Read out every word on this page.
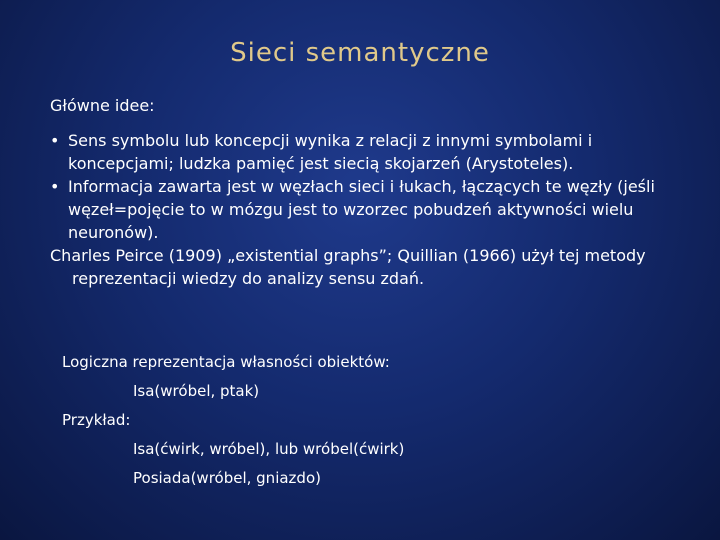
Sieci semantyczne
Główne idee:
• Sens symbolu lub koncepcji wynika z relacji z innymi symbolami i koncepcjami; ludzka pamięć jest siecią skojarzeń (Arystoteles).
• Informacja zawarta jest w węzłach sieci i łukach, łączących te węzły (jeśli węzeł=pojęcie to w mózgu jest to wzorzec pobudzeń aktywności wielu neuronów).
Charles Peirce (1909) „existential graphs”; Quillian (1966) użył tej metody reprezentacji wiedzy do analizy sensu zdań.
Logiczna reprezentacja własności obiektów:
Isa(wróbel, ptak)
Przykład:
Isa(ćwirk, wróbel), lub wróbel(ćwirk)
Posiada(wróbel, gniazdo)
